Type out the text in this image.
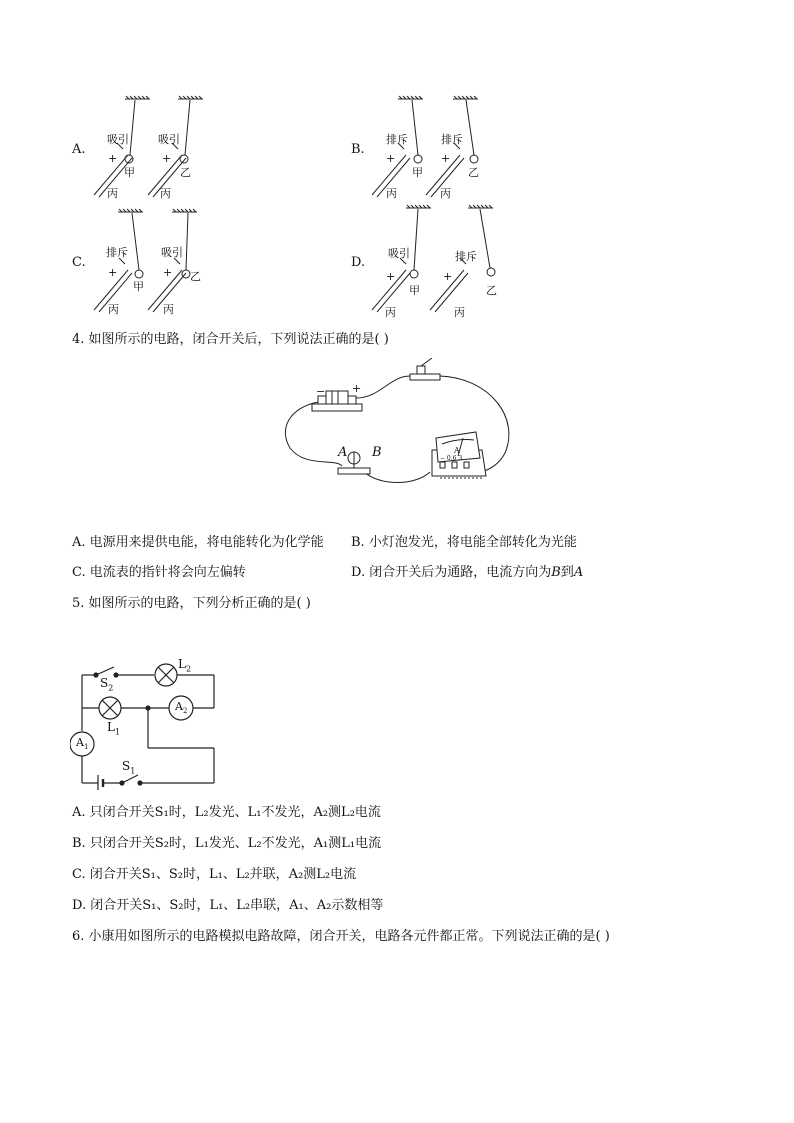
A.
吸引	吸引
+	+
甲	乙
丙	丙
B.
排斥	排斥
+	+
甲	乙
丙	丙
C.
排斥	吸引
+	+
甲
乙
丙	丙
D.
吸引	排斥
+	+
甲	乙
丙	丙
4. 如图所示的电路，闭合开关后，下列说法正确的是( )
− +
A B	A
− 0.6 3
A. 电源用来提供电能，将电能转化为化学能 B. 小灯泡发光，将电能全部转化为光能
C. 电流表的指针将会向左偏转	D. 闭合开关后为通路，电流方向为B到A
5. 如图所示的电路，下列分析正确的是( )
$L_2$
$S_2$
$L_1$
$A_2$
$A_1$
$S_1$
A. 只闭合开关S₁时，L₂发光、L₁不发光，A₂测L₂电流
B. 只闭合开关S₂时，L₁发光、L₂不发光，A₁测L₁电流
C. 闭合开关S₁、S₂时，L₁、L₂并联，A₂测L₂电流
D. 闭合开关S₁、S₂时，L₁、L₂串联，A₁、A₂示数相等
6. 小康用如图所示的电路模拟电路故障，闭合开关，电路各元件都正常。下列说法正确的是( )
